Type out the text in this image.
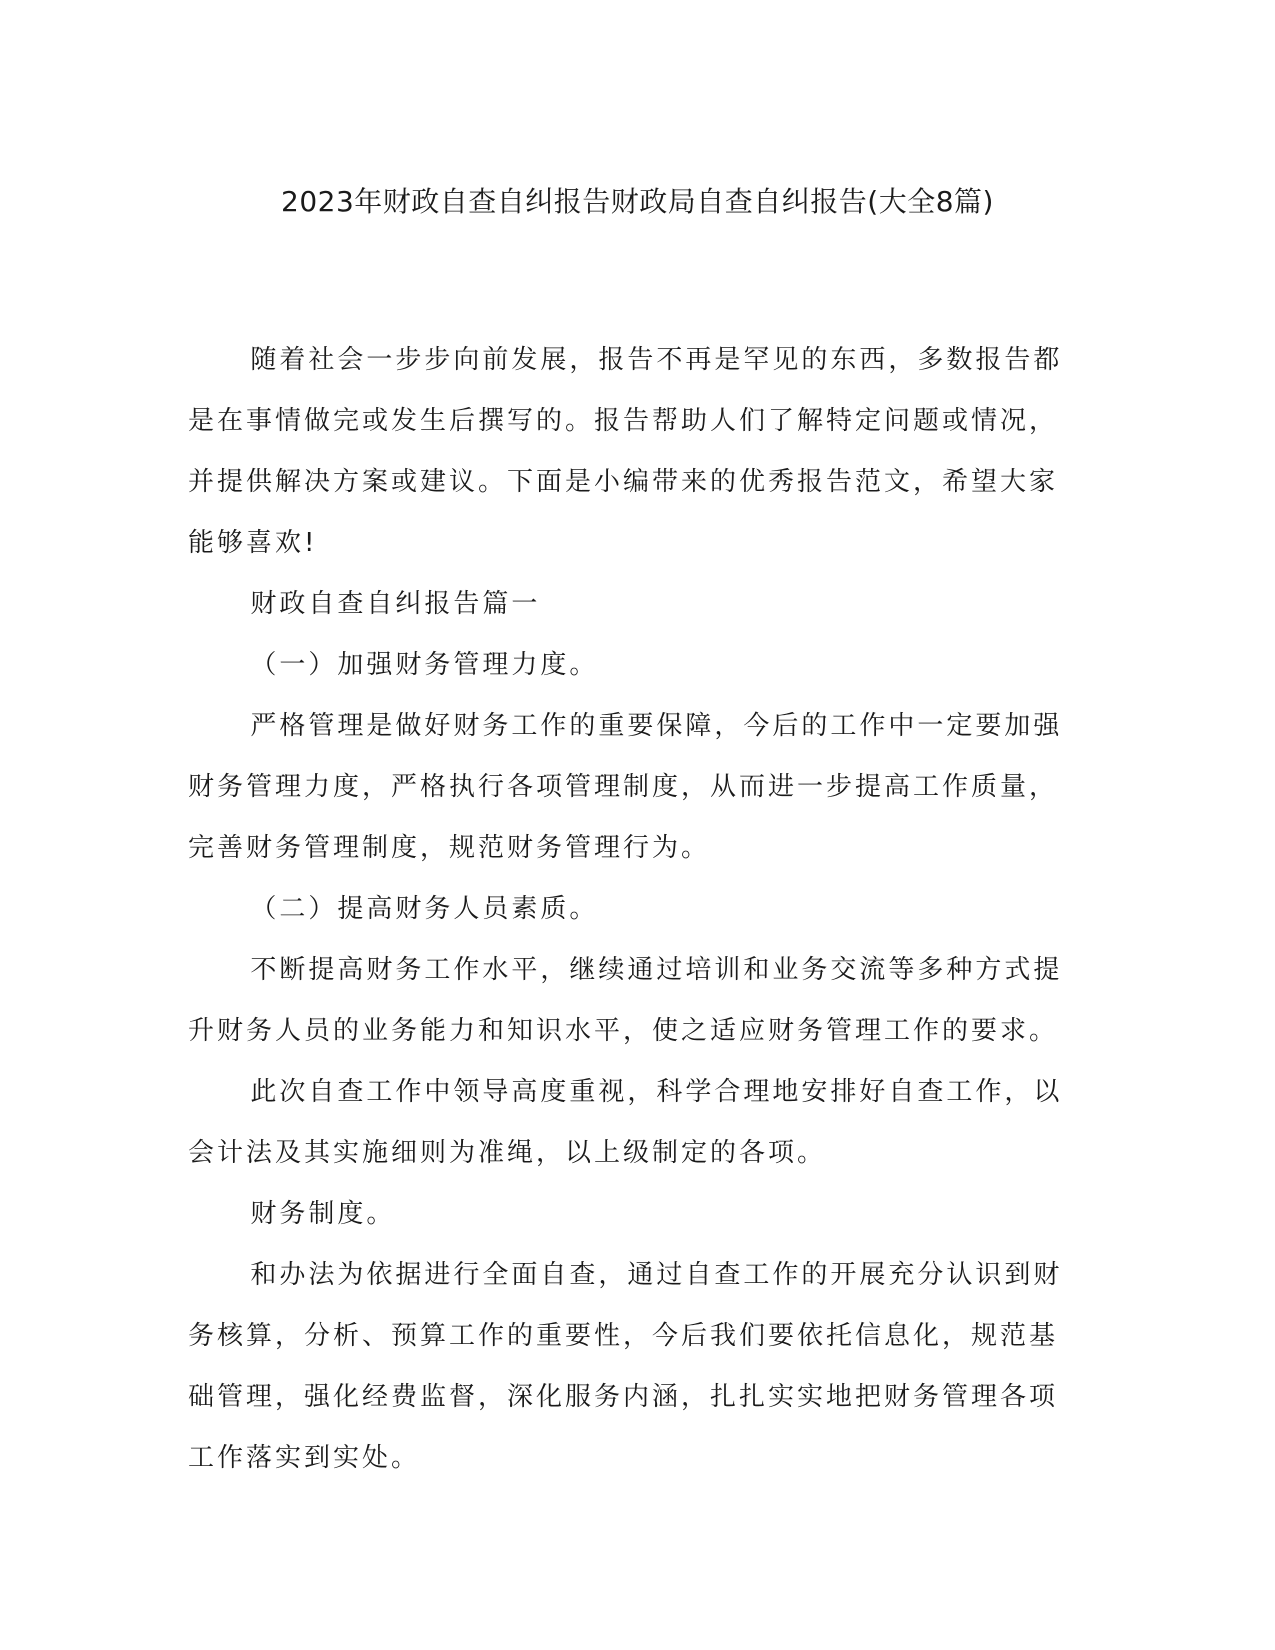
2023年财政自查自纠报告财政局自查自纠报告(大全8篇)

随着社会一步步向前发展，报告不再是罕见的东西，多数报告都是在事情做完或发生后撰写的。报告帮助人们了解特定问题或情况，并提供解决方案或建议。下面是小编带来的优秀报告范文，希望大家能够喜欢!

财政自查自纠报告篇一

（一）加强财务管理力度。

严格管理是做好财务工作的重要保障，今后的工作中一定要加强财务管理力度，严格执行各项管理制度，从而进一步提高工作质量，完善财务管理制度，规范财务管理行为。

（二）提高财务人员素质。

不断提高财务工作水平，继续通过培训和业务交流等多种方式提升财务人员的业务能力和知识水平，使之适应财务管理工作的要求。

此次自查工作中领导高度重视，科学合理地安排好自查工作，以会计法及其实施细则为准绳，以上级制定的各项。

财务制度。

和办法为依据进行全面自查，通过自查工作的开展充分认识到财务核算，分析、预算工作的重要性，今后我们要依托信息化，规范基础管理，强化经费监督，深化服务内涵，扎扎实实地把财务管理各项工作落实到实处。
